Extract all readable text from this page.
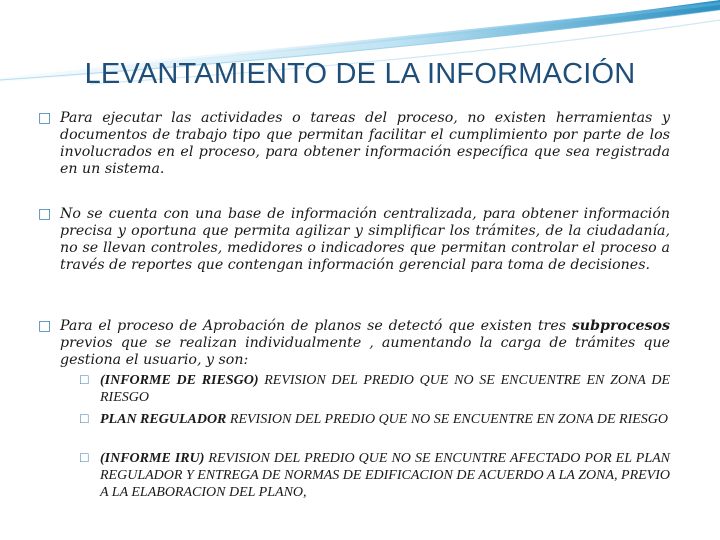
LEVANTAMIENTO DE LA INFORMACIÓN
□ Para ejecutar las actividades o tareas del proceso, no existen herramientas y documentos de trabajo tipo que permitan facilitar el cumplimiento por parte de los involucrados en el proceso, para obtener información específica que sea registrada en un sistema.
□ No se cuenta con una base de información centralizada, para obtener información precisa y oportuna que permita agilizar y simplificar los trámites, de la ciudadanía, no se llevan controles, medidores o indicadores que permitan controlar el proceso a través de reportes que contengan información gerencial para toma de decisiones.
□ Para el proceso de Aprobación de planos se detectó que existen tres subprocesos previos que se realizan individualmente , aumentando la carga de trámites que gestiona el usuario, y son:
□ (INFORME DE RIESGO) REVISION DEL PREDIO QUE NO SE ENCUENTRE EN ZONA DE RIESGO
□ PLAN REGULADOR REVISION DEL PREDIO QUE NO SE ENCUENTRE EN ZONA DE RIESGO
□ (INFORME IRU) REVISION DEL PREDIO QUE NO SE ENCUNTRE AFECTADO POR EL PLAN REGULADOR Y ENTREGA DE NORMAS DE EDIFICACION DE ACUERDO A LA ZONA, PREVIO A LA ELABORACION DEL PLANO,
